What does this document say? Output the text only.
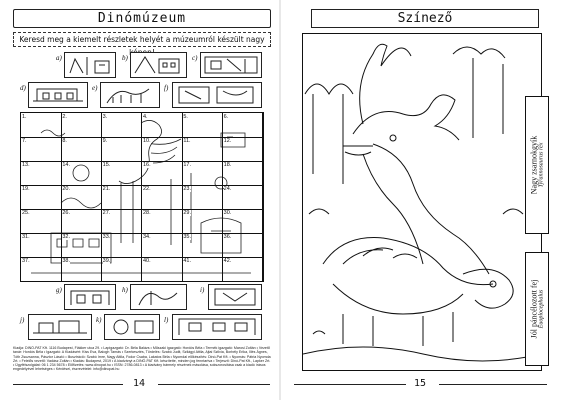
Dinómúzeum
Keresd meg a kiemelt részletek helyét a múzeumról készült nagy
a)	b)	c)
d)	e)	f)
1.	2.	3.	4.	5.	6.
7.	8.	9.	10.	11.	12.
13.	14.	15.	16.	17.	18.
19.	20.	21.	22.	23.	24.
25.	26.	27.	28.	29.	30.
31.	32.	33.	34.	35.	36.
37.	38.	39.	40.	41.	42.
g)	h)	i)
j)	k)	l)
Kiadja: DINÓ-PAT Kft. 1116 Budapest, Fiákker utca 29. • Lapigazgató: Dr. Béla Balázs • Műszaki igazgató: Hordós Béla • Termék igazgató: Marosi Zoltán • Vezető tanár: Hordós Béla • Igazgató: A Kiadásért: Kiss Eva, Balogh Tamás • Szerkesztés, Tördelés: Szabó Judit, Szilágyi Attila, Ajtai Szilvia, Borbély Erika, Illés Ágnes, Tóth Zsuzsanna, Pásztor László • Illusztráció: Szabó Imre, Nagy Attila, Fodor Csaba, Lakatos Béla • Nyomdai előkészítés: Dinó-Pat Kft. • Nyomás: Pátria Nyomda Zrt. • Felelős vezető: Vadász Zoltán • Kiadás: Budapest, 2019 • A kiadványt a DINÓ-PAT Kft. készítette, minden jog fenntartva • Terjeszti: Dinó-Pat Kft., Lapker Zrt. • Ügyfélszolgálat: 06 1 234 5678 • Előfizetés: www.dinopat.hu • ISSN: 2786-0813 • A kiadvány bármely részének másolása, sokszorosítása csak a kiadó írásos engedélyével lehetséges • Kérdései, észrevételei: info@dinopat.hu
14
Színező
Nagy zsarnokgyík Tyrannosaurus rex
Jól páncélozott fej Euoplocephalus
15
